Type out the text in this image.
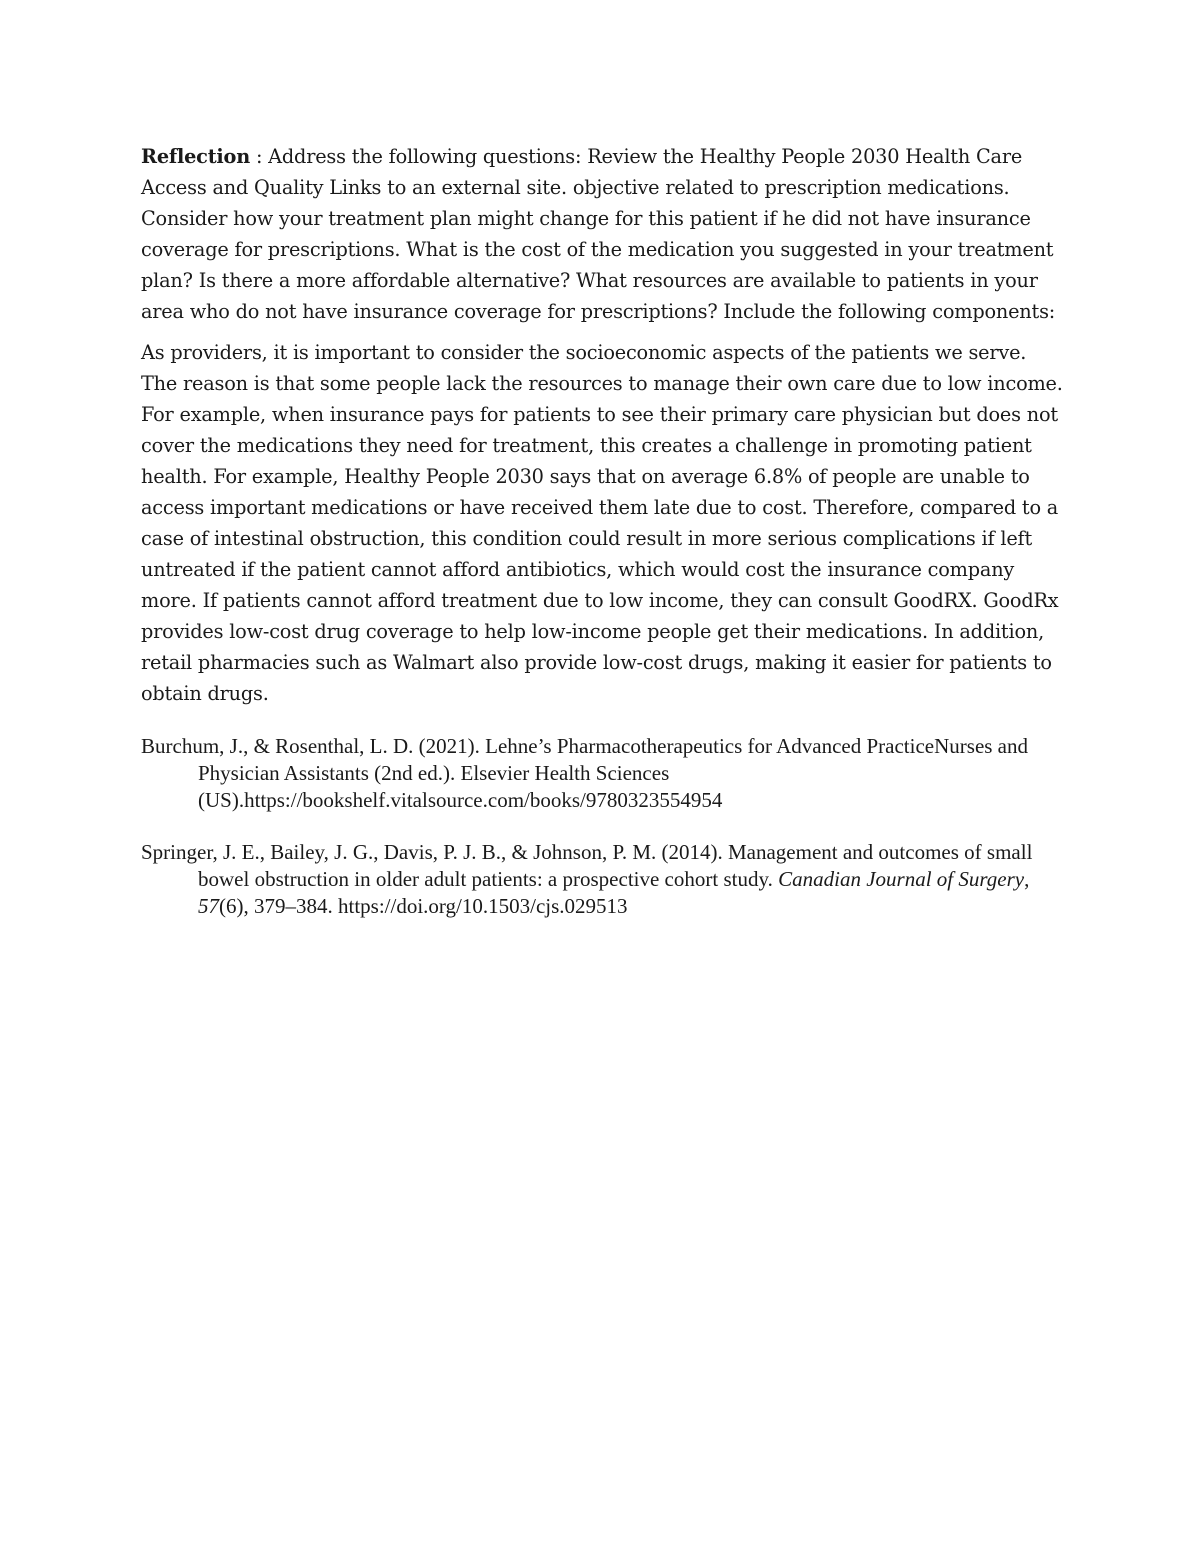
Reflection : Address the following questions: Review the Healthy People 2030 Health Care Access and Quality Links to an external site. objective related to prescription medications. Consider how your treatment plan might change for this patient if he did not have insurance coverage for prescriptions. What is the cost of the medication you suggested in your treatment plan? Is there a more affordable alternative? What resources are available to patients in your area who do not have insurance coverage for prescriptions? Include the following components:

As providers, it is important to consider the socioeconomic aspects of the patients we serve. The reason is that some people lack the resources to manage their own care due to low income. For example, when insurance pays for patients to see their primary care physician but does not cover the medications they need for treatment, this creates a challenge in promoting patient health. For example, Healthy People 2030 says that on average 6.8% of people are unable to access important medications or have received them late due to cost. Therefore, compared to a case of intestinal obstruction, this condition could result in more serious complications if left untreated if the patient cannot afford antibiotics, which would cost the insurance company more. If patients cannot afford treatment due to low income, they can consult GoodRX. GoodRx provides low-cost drug coverage to help low-income people get their medications. In addition, retail pharmacies such as Walmart also provide low-cost drugs, making it easier for patients to obtain drugs.

Burchum, J., & Rosenthal, L. D. (2021). Lehne’s Pharmacotherapeutics for Advanced PracticeNurses and Physician Assistants (2nd ed.). Elsevier Health Sciences (US).https://bookshelf.vitalsource.com/books/9780323554954

Springer, J. E., Bailey, J. G., Davis, P. J. B., & Johnson, P. M. (2014). Management and outcomes of small bowel obstruction in older adult patients: a prospective cohort study. Canadian Journal of Surgery, 57(6), 379–384. https://doi.org/10.1503/cjs.029513
